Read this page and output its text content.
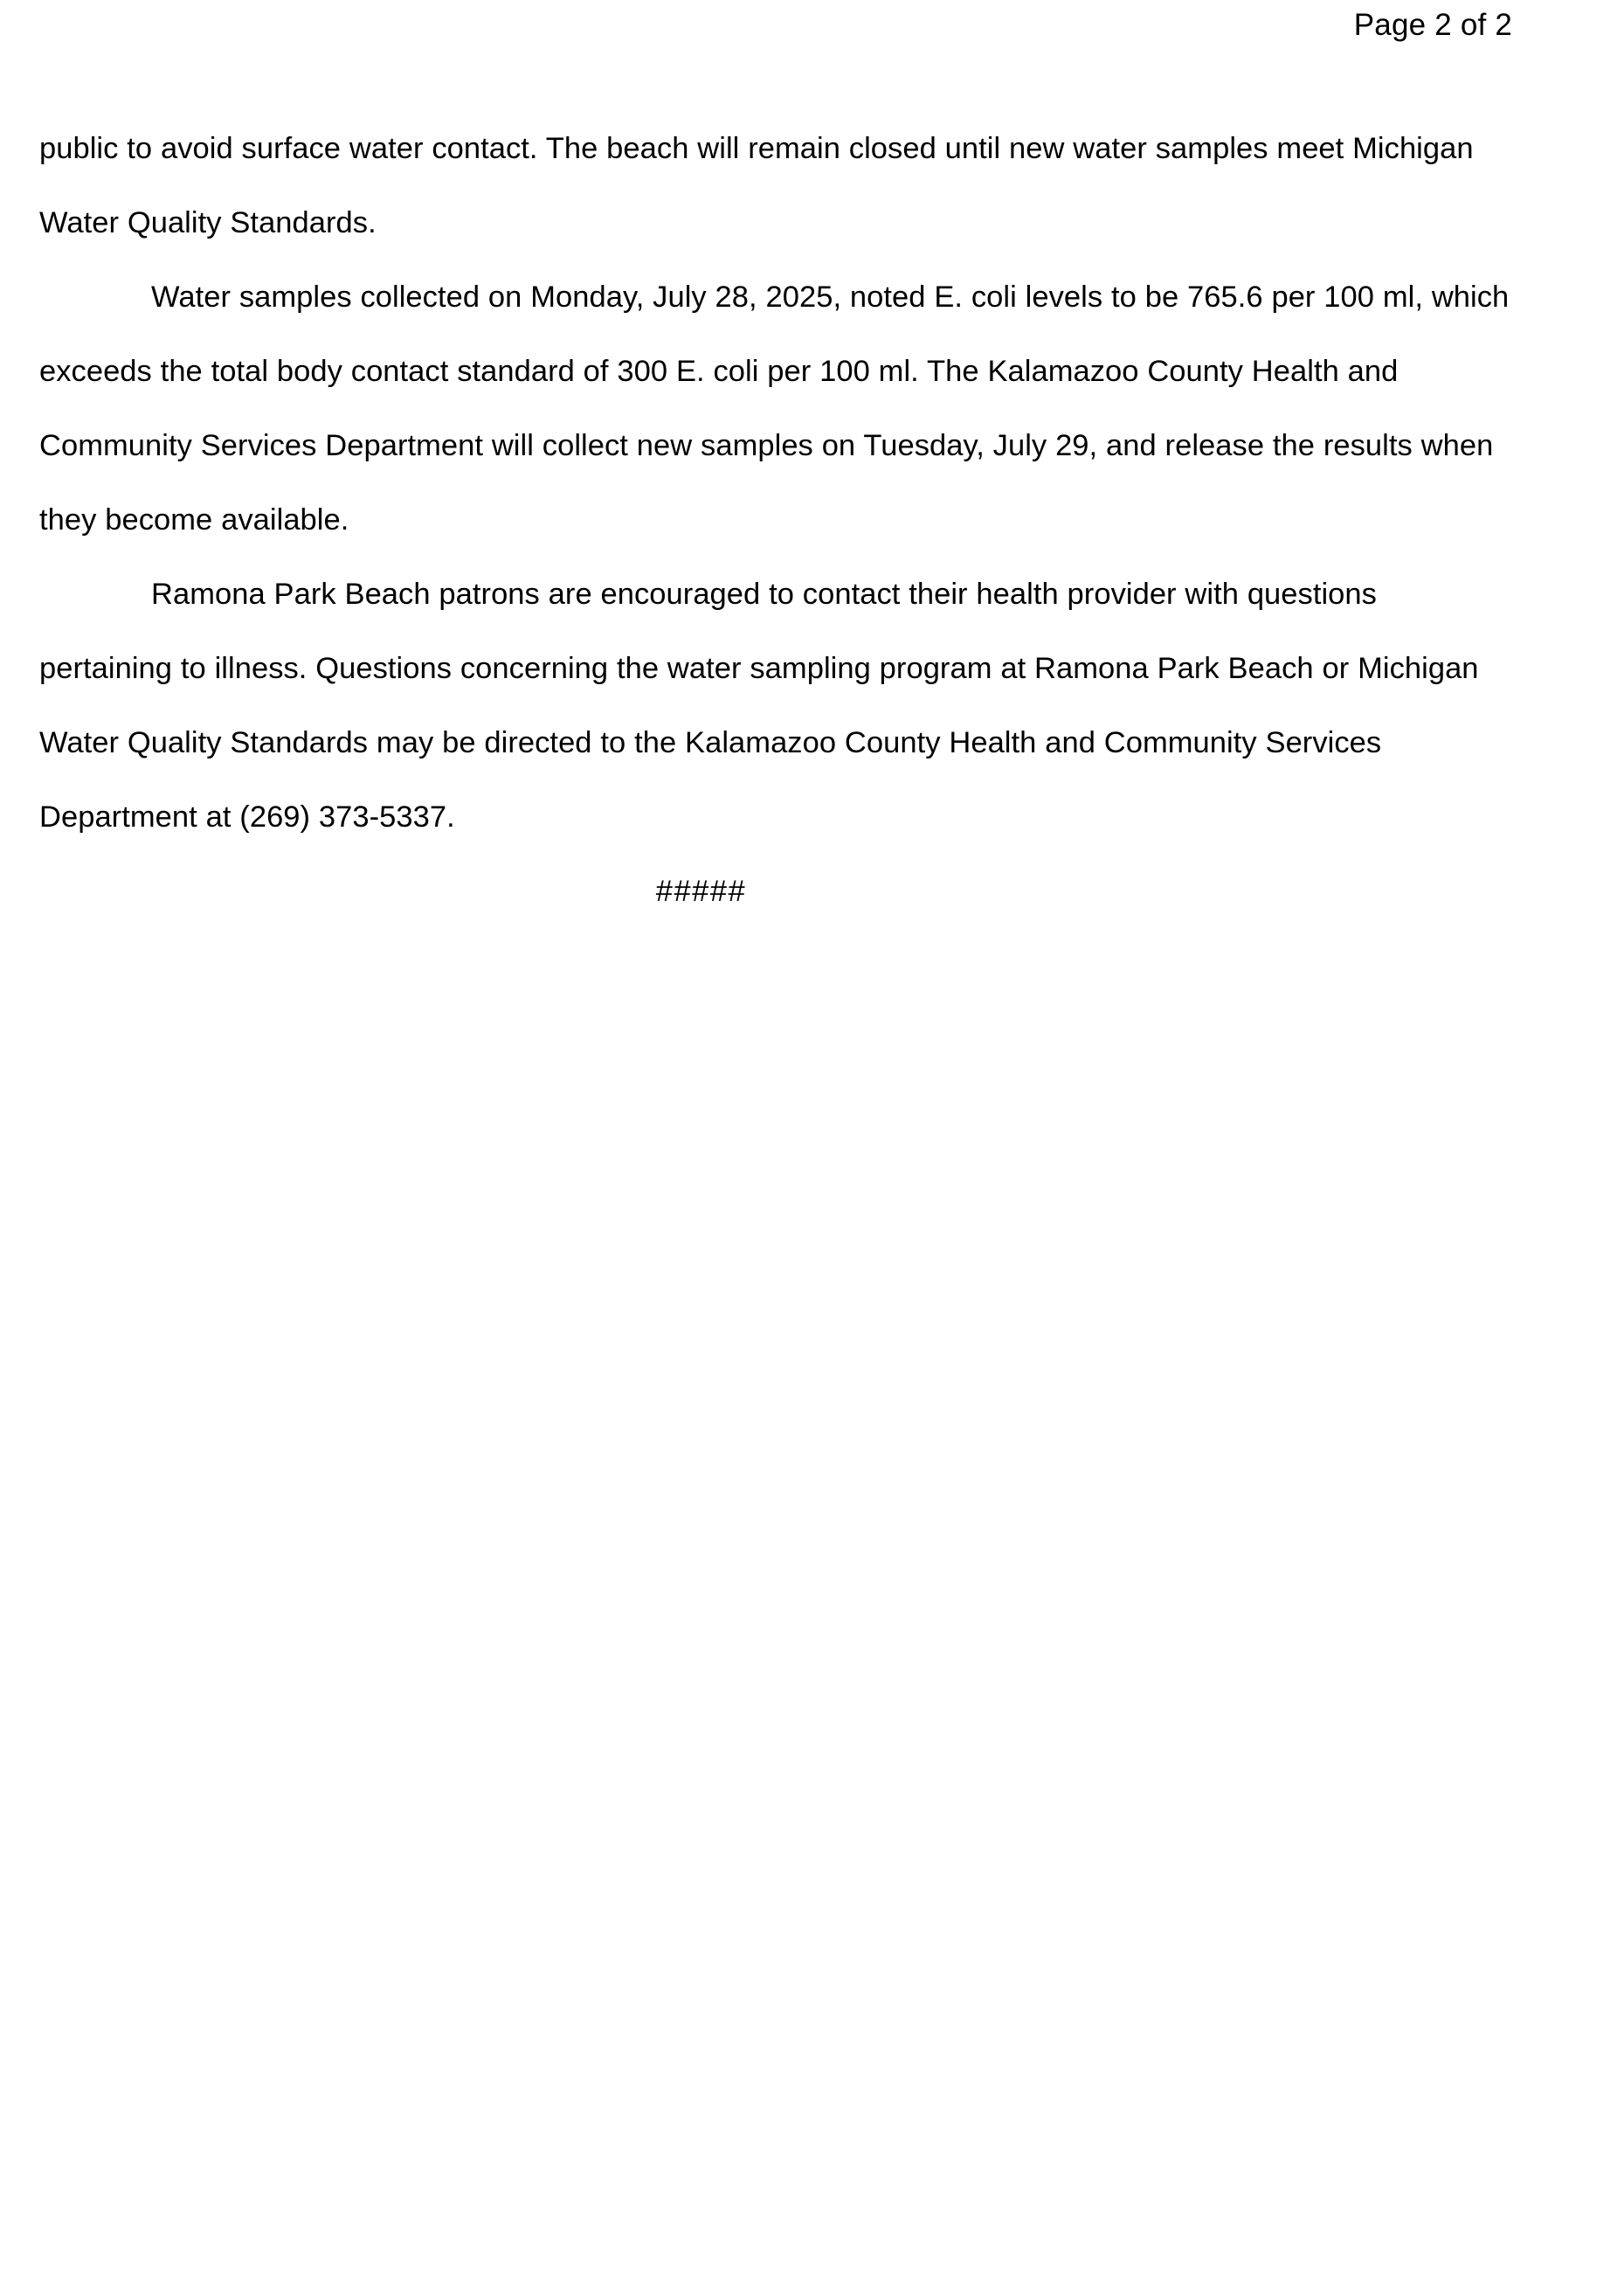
Page 2 of 2

public to avoid surface water contact. The beach will remain closed until new water samples meet Michigan Water Quality Standards.

Water samples collected on Monday, July 28, 2025, noted E. coli levels to be 765.6 per 100 ml, which exceeds the total body contact standard of 300 E. coli per 100 ml. The Kalamazoo County Health and Community Services Department will collect new samples on Tuesday, July 29, and release the results when they become available.

Ramona Park Beach patrons are encouraged to contact their health provider with questions pertaining to illness. Questions concerning the water sampling program at Ramona Park Beach or Michigan Water Quality Standards may be directed to the Kalamazoo County Health and Community Services Department at (269) 373-5337.

#####
